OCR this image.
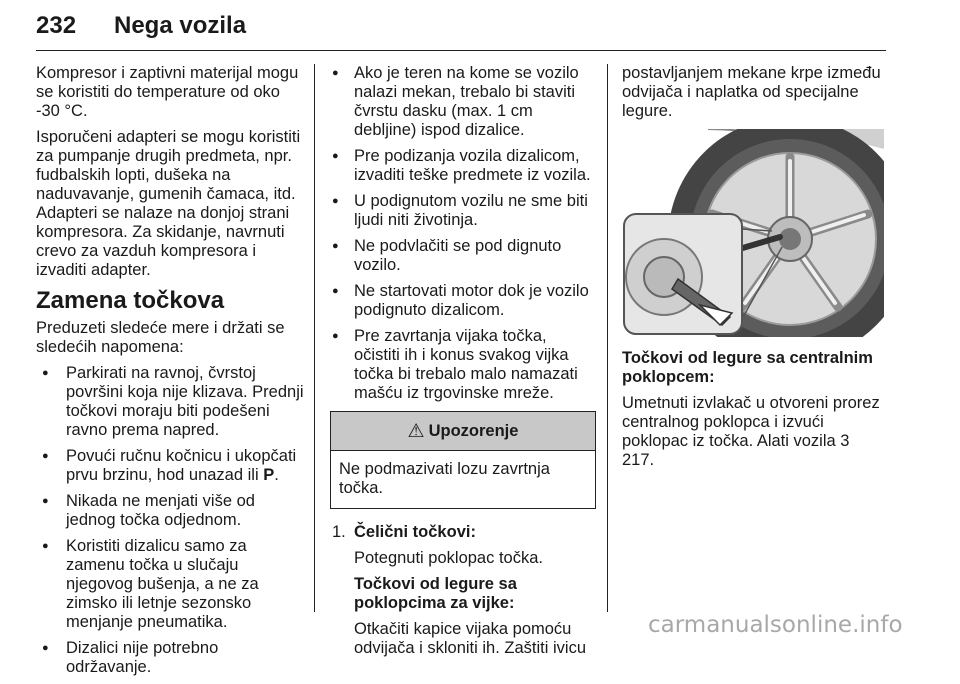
232 Nega vozila

Kompresor i zaptivni materijal mogu se koristiti do temperature od oko -30 °C.

Isporučeni adapteri se mogu koristiti za pumpanje drugih predmeta, npr. fudbalskih lopti, dušeka na naduvavanje, gumenih čamaca, itd. Adapteri se nalaze na donjoj strani kompresora. Za skidanje, navrnuti crevo za vazduh kompresora i izvaditi adapter.

Zamena točkova

Preduzeti sledeće mere i držati se sledećih napomena:

● Parkirati na ravnoj, čvrstoj površini koja nije klizava. Prednji točkovi moraju biti podešeni ravno prema napred.
● Povući ručnu kočnicu i ukopčati prvu brzinu, hod unazad ili P.
● Nikada ne menjati više od jednog točka odjednom.
● Koristiti dizalicu samo za zamenu točka u slučaju njegovog bušenja, a ne za zimsko ili letnje sezonsko menjanje pneumatika.
● Dizalici nije potrebno održavanje.
● Ako je teren na kome se vozilo nalazi mekan, trebalo bi staviti čvrstu dasku (max. 1 cm debljine) ispod dizalice.
● Pre podizanja vozila dizalicom, izvaditi teške predmete iz vozila.
● U podignutom vozilu ne sme biti ljudi niti životinja.
● Ne podvlačiti se pod dignuto vozilo.
● Ne startovati motor dok je vozilo podignuto dizalicom.
● Pre zavrtanja vijaka točka, očistiti ih i konus svakog vijka točka bi trebalo malo namazati mašću iz trgovinske mreže.
⚠ Upozorenje
Ne podmazivati lozu zavrtnja točka.
1. Čelični točkovi:

Potegnuti poklopac točka.

Točkovi od legure sa poklopcima za vijke:

Otkačiti kapice vijaka pomoću odvijača i skloniti ih. Zaštiti ivicu

postavljanjem mekane krpe između odvijača i naplatka od specijalne legure.

Točkovi od legure sa centralnim poklopcem:

Umetnuti izvlakač u otvoreni prorez centralnog poklopca i izvući poklopac iz točka. Alati vozila 3 217.

carmanualsonline.info
